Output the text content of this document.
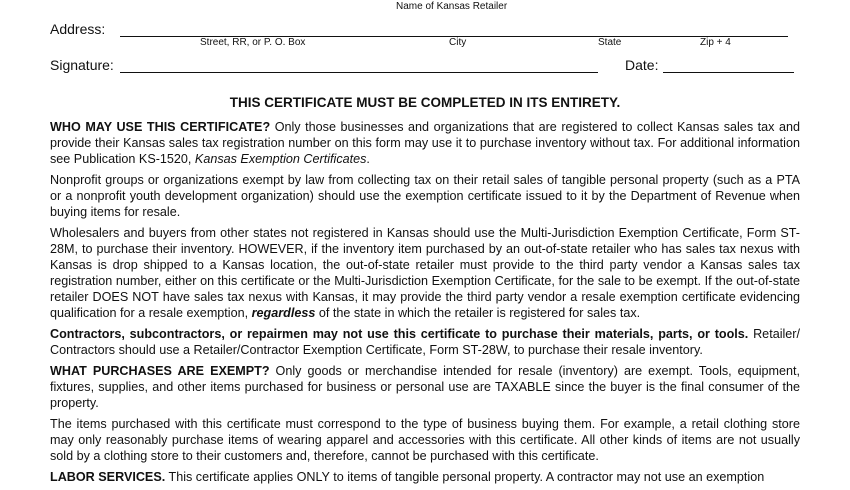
Name of Kansas Retailer
Address:
Street, RR, or P. O. Box	City	State	Zip + 4
Signature:	Date:
THIS CERTIFICATE MUST BE COMPLETED IN ITS ENTIRETY.

WHO MAY USE THIS CERTIFICATE? Only those businesses and organizations that are registered to collect Kansas sales tax and provide their Kansas sales tax registration number on this form may use it to purchase inventory without tax. For additional information see Publication KS-1520, Kansas Exemption Certificates.

Nonprofit groups or organizations exempt by law from collecting tax on their retail sales of tangible personal property (such as a PTA or a nonprofit youth development organization) should use the exemption certificate issued to it by the Department of Revenue when buying items for resale.

Wholesalers and buyers from other states not registered in Kansas should use the Multi-Jurisdiction Exemption Certificate, Form ST-28M, to purchase their inventory. HOWEVER, if the inventory item purchased by an out-of-state retailer who has sales tax nexus with Kansas is drop shipped to a Kansas location, the out-of-state retailer must provide to the third party vendor a Kansas sales tax registration number, either on this certificate or the Multi-Jurisdiction Exemption Certificate, for the sale to be exempt. If the out-of-state retailer DOES NOT have sales tax nexus with Kansas, it may provide the third party vendor a resale exemption certificate evidencing qualification for a resale exemption, regardless of the state in which the retailer is registered for sales tax.

Contractors, subcontractors, or repairmen may not use this certificate to purchase their materials, parts, or tools. Retailer/ Contractors should use a Retailer/Contractor Exemption Certificate, Form ST-28W, to purchase their resale inventory.

WHAT PURCHASES ARE EXEMPT? Only goods or merchandise intended for resale (inventory) are exempt. Tools, equipment, fixtures, supplies, and other items purchased for business or personal use are TAXABLE since the buyer is the final consumer of the property.

The items purchased with this certificate must correspond to the type of business buying them. For example, a retail clothing store may only reasonably purchase items of wearing apparel and accessories with this certificate. All other kinds of items are not usually sold by a clothing store to their customers and, therefore, cannot be purchased with this certificate.

LABOR SERVICES. This certificate applies ONLY to items of tangible personal property. A contractor may not use an exemption
